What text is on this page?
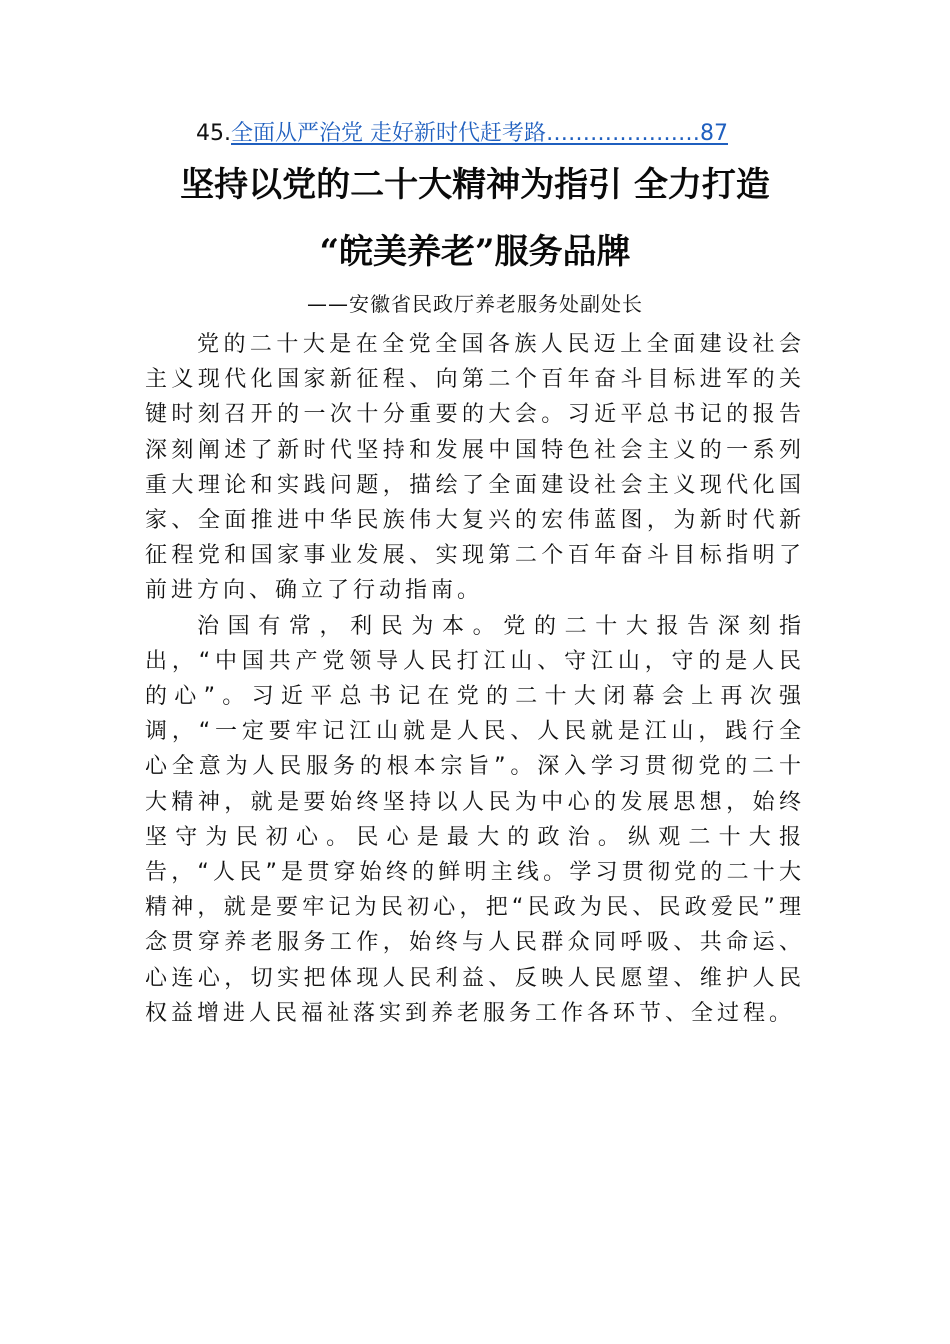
45.全面从严治党 走好新时代赶考路…………………87
坚持以党的二十大精神为指引 全力打造
“皖美养老”服务品牌
——安徽省民政厅养老服务处副处长

党的二十大是在全党全国各族人民迈上全面建设社会主义现代化国家新征程、向第二个百年奋斗目标进军的关键时刻召开的一次十分重要的大会。习近平总书记的报告深刻阐述了新时代坚持和发展中国特色社会主义的一系列重大理论和实践问题，描绘了全面建设社会主义现代化国家、全面推进中华民族伟大复兴的宏伟蓝图，为新时代新征程党和国家事业发展、实现第二个百年奋斗目标指明了前进方向、确立了行动指南。

治国有常，利民为本。党的二十大报告深刻指出，“中国共产党领导人民打江山、守江山，守的是人民的心”。习近平总书记在党的二十大闭幕会上再次强调，“一定要牢记江山就是人民、人民就是江山，践行全心全意为人民服务的根本宗旨”。深入学习贯彻党的二十大精神，就是要始终坚持以人民为中心的发展思想，始终坚守为民初心。民心是最大的政治。纵观二十大报告，“人民”是贯穿始终的鲜明主线。学习贯彻党的二十大精神，就是要牢记为民初心，把“民政为民、民政爱民”理念贯穿养老服务工作，始终与人民群众同呼吸、共命运、心连心，切实把体现人民利益、反映人民愿望、维护人民权益增进人民福祉落实到养老服务工作各环节、全过程。
